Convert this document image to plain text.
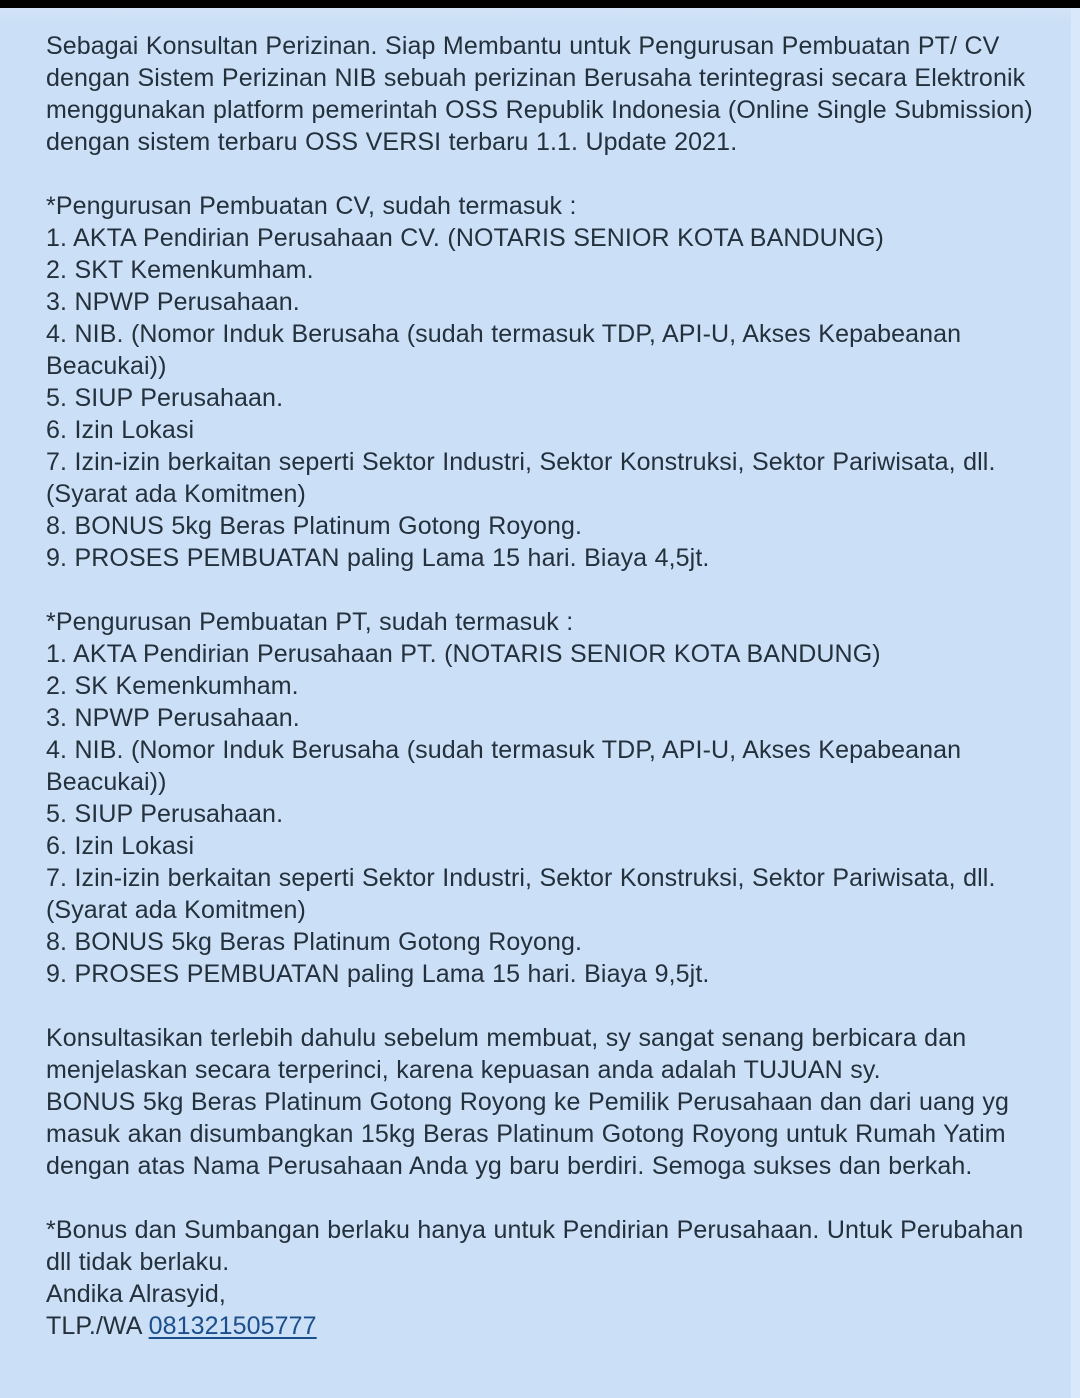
Sebagai Konsultan Perizinan. Siap Membantu untuk Pengurusan Pembuatan PT/ CV
dengan Sistem Perizinan NIB sebuah perizinan Berusaha terintegrasi secara Elektronik
menggunakan platform pemerintah OSS Republik Indonesia (Online Single Submission)
dengan sistem terbaru OSS VERSI terbaru 1.1. Update 2021.

*Pengurusan Pembuatan CV, sudah termasuk :
1. AKTA Pendirian Perusahaan CV. (NOTARIS SENIOR KOTA BANDUNG)
2. SKT Kemenkumham.
3. NPWP Perusahaan.
4. NIB. (Nomor Induk Berusaha (sudah termasuk TDP, API-U, Akses Kepabeanan Beacukai))
5. SIUP Perusahaan.
6. Izin Lokasi
7. Izin-izin berkaitan seperti Sektor Industri, Sektor Konstruksi, Sektor Pariwisata, dll. (Syarat ada Komitmen)
8. BONUS 5kg Beras Platinum Gotong Royong.
9. PROSES PEMBUATAN paling Lama 15 hari. Biaya 4,5jt.

*Pengurusan Pembuatan PT, sudah termasuk :
1. AKTA Pendirian Perusahaan PT. (NOTARIS SENIOR KOTA BANDUNG)
2. SK Kemenkumham.
3. NPWP Perusahaan.
4. NIB. (Nomor Induk Berusaha (sudah termasuk TDP, API-U, Akses Kepabeanan Beacukai))
5. SIUP Perusahaan.
6. Izin Lokasi
7. Izin-izin berkaitan seperti Sektor Industri, Sektor Konstruksi, Sektor Pariwisata, dll. (Syarat ada Komitmen)
8. BONUS 5kg Beras Platinum Gotong Royong.
9. PROSES PEMBUATAN paling Lama 15 hari. Biaya 9,5jt.

Konsultasikan terlebih dahulu sebelum membuat, sy sangat senang berbicara dan menjelaskan secara terperinci, karena kepuasan anda adalah TUJUAN sy.
BONUS 5kg Beras Platinum Gotong Royong ke Pemilik Perusahaan dan dari uang yg masuk akan disumbangkan 15kg Beras Platinum Gotong Royong untuk Rumah Yatim dengan atas Nama Perusahaan Anda yg baru berdiri. Semoga sukses dan berkah.

*Bonus dan Sumbangan berlaku hanya untuk Pendirian Perusahaan. Untuk Perubahan dll tidak berlaku.
Andika Alrasyid,
TLP./WA 081321505777
